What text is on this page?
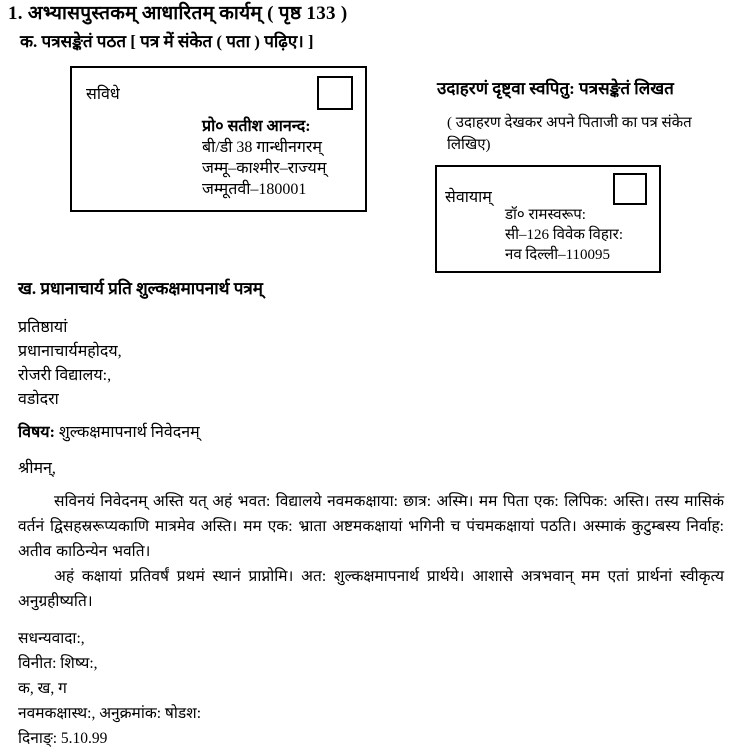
1. अभ्यासपुस्तकम् आधारितम् कार्यम् ( पृष्ठ 133 )
क. पत्रसङ्केतं पठत [ पत्र में संकेत ( पता ) पढ़िए। ]
सविधे
प्रो० सतीश आनन्द:
बी/डी 38 गान्धीनगरम्
जम्मू–काश्मीर–राज्यम्
जम्मूतवी–180001
उदाहरणं दृष्ट्वा स्वपितु: पत्रसङ्केतं लिखत
( उदाहरण देखकर अपने पिताजी का पत्र संकेत लिखिए)
सेवायाम्
डॉ० रामस्वरूप:
सी–126 विवेक विहार:
नव दिल्ली–110095
ख. प्रधानाचार्य प्रति शुल्कक्षमापनार्थ पत्रम्
प्रतिष्ठायां
प्रधानाचार्यमहोदय,
रोजरी विद्यालय:,
वडोदरा
विषय: शुल्कक्षमापनार्थ निवेदनम्
श्रीमन्,
सविनयं निवेदनम् अस्ति यत् अहं भवत: विद्यालये नवमकक्षाया: छात्र: अस्मि। मम पिता एक: लिपिक: अस्ति। तस्य मासिकं वर्तनं द्विसहस्ररूप्यकाणि मात्रमेव अस्ति। मम एक: भ्राता अष्टमकक्षायां भगिनी च पंचमकक्षायां पठति। अस्माकं कुटुम्बस्य निर्वाह: अतीव काठिन्येन भवति।
अहं कक्षायां प्रतिवर्षं प्रथमं स्थानं प्राप्नोमि। अत: शुल्कक्षमापनार्थ प्रार्थये। आशासे अत्रभवान् मम एतां प्रार्थनां स्वीकृत्य अनुग्रहीष्यति।
सधन्यवादा:,
विनीत: शिष्य:,
क, ख, ग
नवमकक्षास्थ:, अनुक्रमांक: षोडश:
दिनाङ्: 5.10.99
